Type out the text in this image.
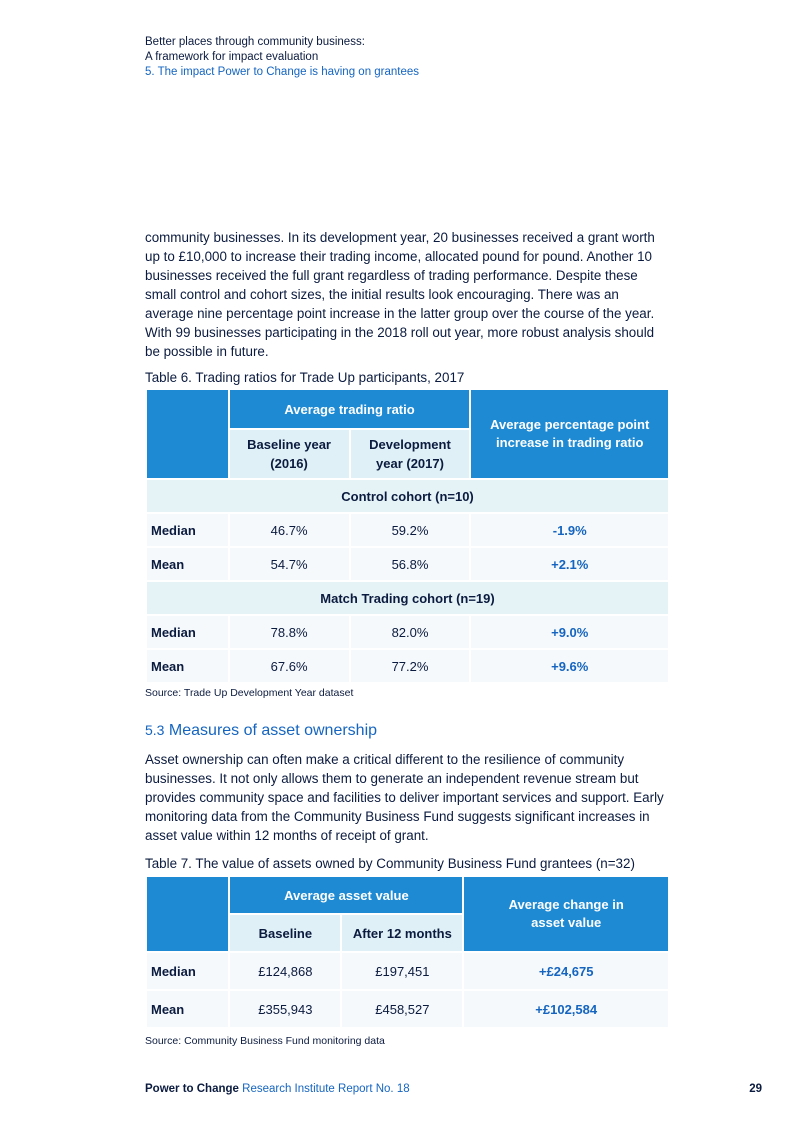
Better places through community business:
A framework for impact evaluation
5. The impact Power to Change is having on grantees

community businesses. In its development year, 20 businesses received a grant worth up to £10,000 to increase their trading income, allocated pound for pound. Another 10 businesses received the full grant regardless of trading performance. Despite these small control and cohort sizes, the initial results look encouraging. There was an average nine percentage point increase in the latter group over the course of the year. With 99 businesses participating in the 2018 roll out year, more robust analysis should be possible in future.

Table 6. Trading ratios for Trade Up participants, 2017
	Average trading ratio		Average percentage point increase in trading ratio

	Baseline year (2016)	Development year (2017)	

Control cohort (n=10)			
Median	46.7%	59.2%	-1.9%
Mean	54.7%	56.8%	+2.1%
Match Trading cohort (n=19)			
Median	78.8%	82.0%	+9.0%
Mean	67.6%	77.2%	+9.6%
Source: Trade Up Development Year dataset
5.3 Measures of asset ownership

Asset ownership can often make a critical different to the resilience of community businesses. It not only allows them to generate an independent revenue stream but provides community space and facilities to deliver important services and support. Early monitoring data from the Community Business Fund suggests significant increases in asset value within 12 months of receipt of grant.

Table 7. The value of assets owned by Community Business Fund grantees (n=32)
	Average asset value		Average change in asset value

	Baseline	After 12 months	
Median	£124,868	£197,451	+£24,675
Mean	£355,943	£458,527	+£102,584
Source: Community Business Fund monitoring data
Power to Change Research Institute Report No. 18	29
